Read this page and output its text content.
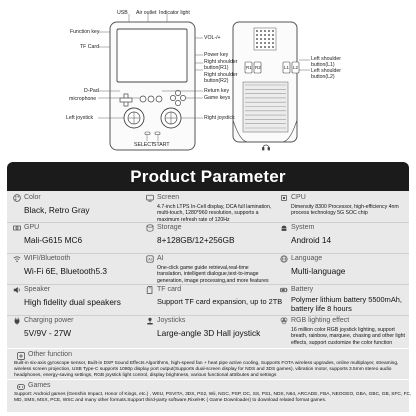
USB Air outlet Indicator light
Function key
TF Card
VOL-/+
Power key
Right shoulder button(R1)
Right shoulder button(R2)
D-Pad
microphone
Return key
Game keys
Left joystick	Right joystick
SELECT
START
Left shoulder button(L1)
Left shoulder button(L2)
R1 R2	L1 L2
Product Parameter
Color
Black, Retro Gray
Screen
4.7-inch LTPS In-Cell display, DCA full lamination, multi-touch, 1280*960 resolution, supports a maximum refresh rate of 120Hz
CPU
Dimensity 8300 Processor, high-efficiency 4nm process technology 5G SOC chip
GPU
Mali-G615 MC6
Storage
8+128GB/12+256GB
System
Android 14
WIFI/Bluetooth
Wi-Fi 6E, Bluetooth5.3
AI AI
One-click game guide retrieval,real-time translation, intelligent dialogue,text-to-image generation, image processing,and more features
Language
Multi-language
Speaker
High fidelity dual speakers
TF card
Support TF card expansion, up to 2TB
Battery
Polymer lithium battery 5500mAh, battery life 8 hours
Charging power
5V/9V - 27W
Joysticks
Large-angle 3D Hall joystick
RGB lighting effect
16 million color RGB joystick lighting, support breath, rainbow, marquee, chasing and other light effects, support customize the color function
Other function
Built-in six-axis gyroscope sensor, Built-in DSP Sound Effects Algorithms, high-speed fan + heat pipe active cooling, Supports FOTA wireless upgrades, online multiplayer, streaming, wireless screen projection, USB Type-C supports 1080p display port output(Supports dual-screen display for NDS and 3DS games), vibration motor, supports 3.5mm stereo audio headphones, energy-saving settings, RGB joystick light control, display brightness, various functional attributes and settings
Games
Support: Android games (Genshin Impact, Honor of Kings, etc.) , WIIU, PSVITA, 3DS, PS2, Wii, NGC, PSP, DC, SS, PS1, NDS, N64, ARCADE, FBA, NEOGEO, GBA, GBC, GB, SFC, FC, MD, SMS, MSX, PCE, WSC and many other formats.Support third-party software,RixelHK ( Game Downloader) to download related format games.
